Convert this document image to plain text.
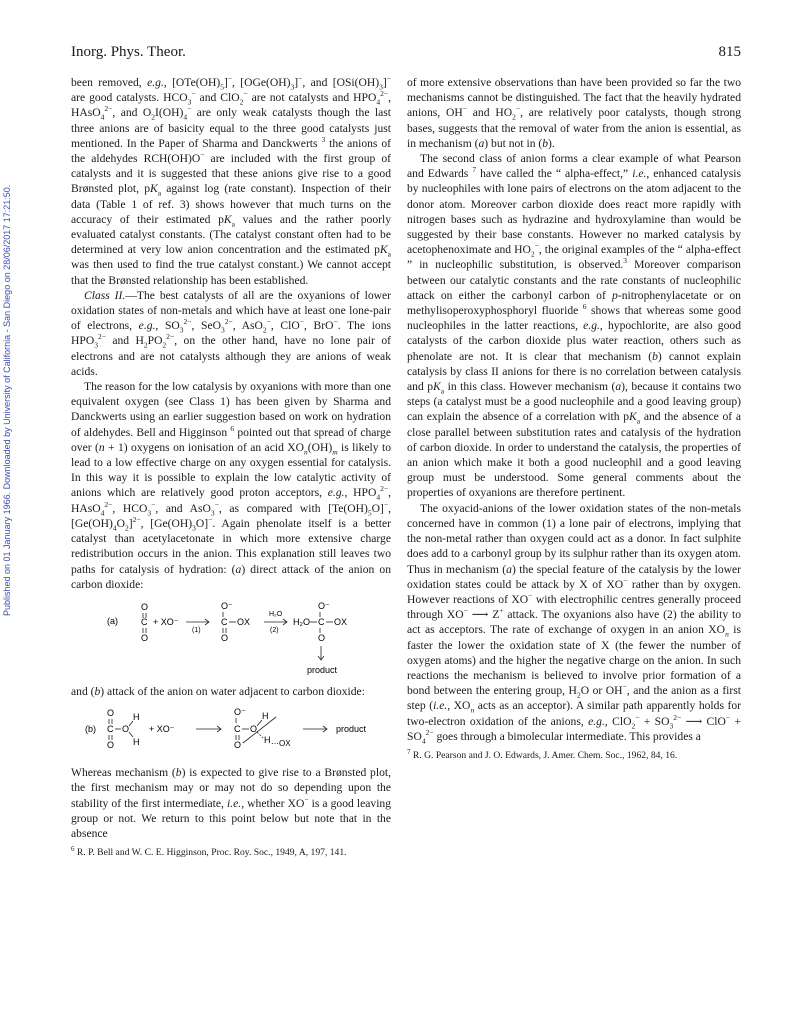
Published on 01 January 1966. Downloaded by University of California - San Diego on 28/06/2017 17:21:50.
Inorg. Phys. Theor.	815

been removed, e.g., $[OTe(OH)_5]^-$, $[OGe(OH)_3]^-$, and $[OSi(OH)_3]^-$ are good catalysts. $HCO_3^-$ and ClO$_2$− are not catalysts and $HPO_4^{2-}$, HAsO$_4^{2-}$, and $O_2I(OH)_4^-$ are only weak catalysts though the last three anions are of basicity equal to the three good catalysts just mentioned. In the Paper of Sharma and Danckwerts $^3$ the anions of the aldehydes RCH(OH)O− are included with the first group of catalysts and it is suggested that these anions give rise to a good Brønsted plot, $pK_a$ against log (rate constant). Inspection of their data (Table 1 of ref. 3) shows however that much turns on the accuracy of their estimated $pK_a$ values and the rather poorly evaluated catalyst constants. (The catalyst constant often had to be determined at very low anion concentration and the estimated $pK_a$ was then used to find the true catalyst constant.) We cannot accept that the Brønsted relationship has been established.

Class II.—The best catalysts of all are the oxyanions of lower oxidation states of non-metals and which have at least one lone-pair of electrons, e.g., $SO_3^{2-}$, SeO$_3^{2-}$, AsO$_2$−, ClO−, BrO−. The ions $HPO_3^{2-}$ and $H_2PO_2^{2-}$, on the other hand, have no lone pair of electrons and are not catalysts although they are anions of weak acids.

The reason for the low catalysis by oxyanions with more than one equivalent oxygen (see Class 1) has been given by Sharma and Danckwerts using an earlier suggestion based on work on hydration of aldehydes. Bell and Higginson $^6$ pointed out that spread of charge over (n + 1) oxygens on ionisation of an acid $XO_n(OH)_m$ is likely to lead to a low effective charge on any oxygen essential for catalysis. In this way it is possible to explain the low catalytic activity of anions which are relatively good proton acceptors, e.g., $HPO_4^{2-}$, HAsO$_4^{2-}$, $HCO_3^-$, and AsO$_3$−, as compared with $[Te(OH)_5O]^-$, $[Ge(OH)_4O_2]^{2-}$, $[Ge(OH)_3O]^-$. Again phenolate itself is a better catalyst than acetylacetonate in which more extensive charge redistribution occurs in the anion. This explanation still leaves two paths for catalysis of hydration: (a) direct attack of the anion on carbon dioxide:

(a)
O
C
O
+ XO⁻
(1)
O⁻
C OX
O
H₂O
(2)
H₂O C
O⁻
OX
O
product

and (b) attack of the anion on water adjacent to carbon dioxide:

(b)
O
C O
H
H
O
+ XO⁻
O⁻
C O
H
H ⋯OX
O
product

Whereas mechanism (b) is expected to give rise to a Brønsted plot, the first mechanism may or may not do so depending upon the stability of the first intermediate, i.e., whether XO− is a good leaving group or not. We return to this point below but note that in the absence

$^6$ R. P. Bell and W. C. E. Higginson, Proc. Roy. Soc., 1949, A, 197, 141.

of more extensive observations than have been provided so far the two mechanisms cannot be distinguished. The fact that the heavily hydrated anions, OH− and $HO_2^-$, are relatively poor catalysts, though strong bases, suggests that the removal of water from the anion is essential, as in mechanism (a) but not in (b).

The second class of anion forms a clear example of what Pearson and Edwards $^7$ have called the “ alpha-effect,” i.e., enhanced catalysis by nucleophiles with lone pairs of electrons on the atom adjacent to the donor atom. Moreover carbon dioxide does react more rapidly with nitrogen bases such as hydrazine and hydroxylamine than would be suggested by their base constants. However no marked catalysis by acetophenoximate and $HO_2^-$, the original examples of the “ alpha-effect ” in nucleophilic substitution, is observed.$^3$ Moreover comparison between our catalytic constants and the rate constants of nucleophilic attack on either the carbonyl carbon of p-nitrophenylacetate or on methylisoperoxyphosphoryl fluoride $^6$ shows that whereas some good nucleophiles in the latter reactions, e.g., hypochlorite, are also good catalysts of the carbon dioxide plus water reaction, others such as phenolate are not. It is clear that mechanism (b) cannot explain catalysis by class II anions for there is no correlation between catalysis and $pK_a$ in this class. However mechanism (a), because it contains two steps (a catalyst must be a good nucleophile and a good leaving group) can explain the absence of a correlation with $pK_a$ and the absence of a close parallel between substitution rates and catalysis of the hydration of carbon dioxide. In order to understand the catalysis, the properties of an anion which make it both a good nucleophil and a good leaving group must be understood. Some general comments about the properties of oxyanions are therefore pertinent.

The oxyacid-anions of the lower oxidation states of the non-metals concerned have in common (1) a lone pair of electrons, implying that the non-metal rather than oxygen could act as a donor. In fact sulphite does add to a carbonyl group by its sulphur rather than its oxygen atom. Thus in mechanism (a) the special feature of the catalysis by the lower oxidation states could be attack by X of XO− rather than by oxygen. However reactions of XO− with electrophilic centres generally proceed through XO− ⟶ Z+ attack. The oxyanions also have (2) the ability to act as acceptors. The rate of exchange of oxygen in an anion $XO_n$ is faster the lower the oxidation state of X (the fewer the number of oxygen atoms) and the higher the negative charge on the anion. In such reactions the mechanism is believed to involve prior formation of a bond between the entering group, $H_2O$ or OH−, and the anion as a first step (i.e., $XO_n$ acts as an acceptor). A similar path apparently holds for two-electron oxidation of the anions, e.g., $ClO_2^- + SO_3^{2-}$ ⟶ $ClO^- + SO_4^{2-}$ goes through a bimolecular intermediate. This provides a

$^7$ R. G. Pearson and J. O. Edwards, J. Amer. Chem. Soc., 1962, 84, 16.
